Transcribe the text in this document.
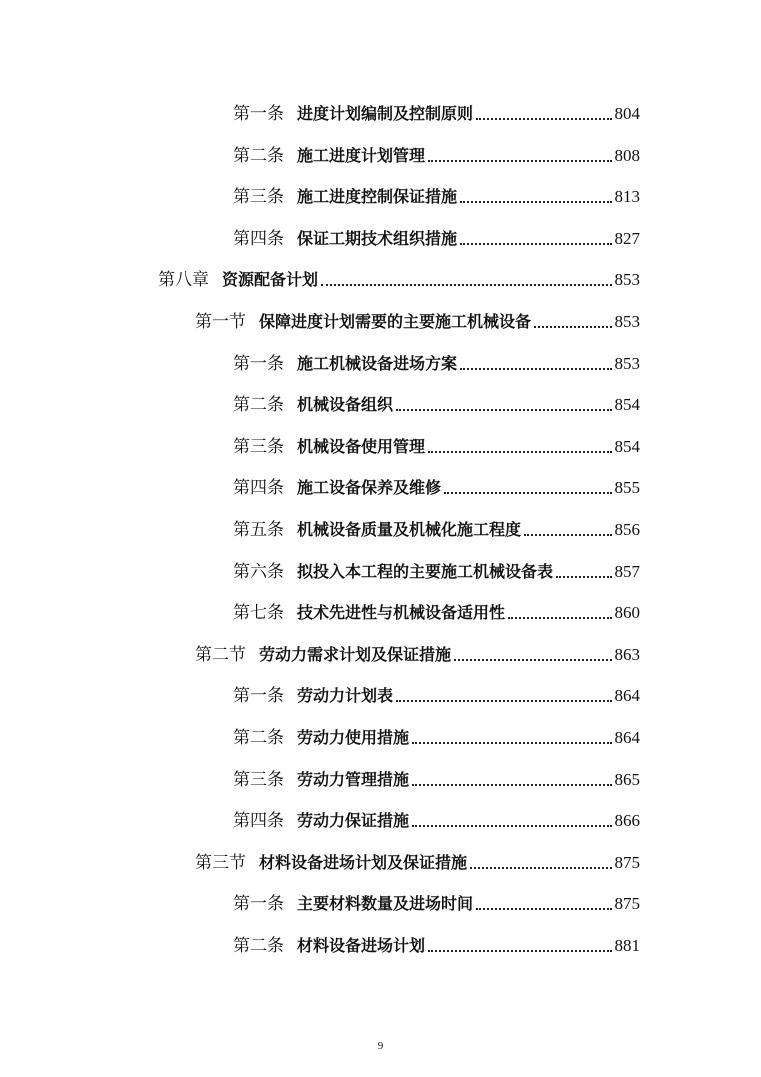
第一条 进度计划编制及控制原则	804
第二条 施工进度计划管理	808
第三条 施工进度控制保证措施	813
第四条 保证工期技术组织措施	827
第八章 资源配备计划	853
第一节 保障进度计划需要的主要施工机械设备	853
第一条 施工机械设备进场方案	853
第二条 机械设备组织	854
第三条 机械设备使用管理	854
第四条 施工设备保养及维修	855
第五条 机械设备质量及机械化施工程度	856
第六条 拟投入本工程的主要施工机械设备表	857
第七条 技术先进性与机械设备适用性	860
第二节 劳动力需求计划及保证措施	863
第一条 劳动力计划表	864
第二条 劳动力使用措施	864
第三条 劳动力管理措施	865
第四条 劳动力保证措施	866
第三节 材料设备进场计划及保证措施	875
第一条 主要材料数量及进场时间	875
第二条 材料设备进场计划	881
9
